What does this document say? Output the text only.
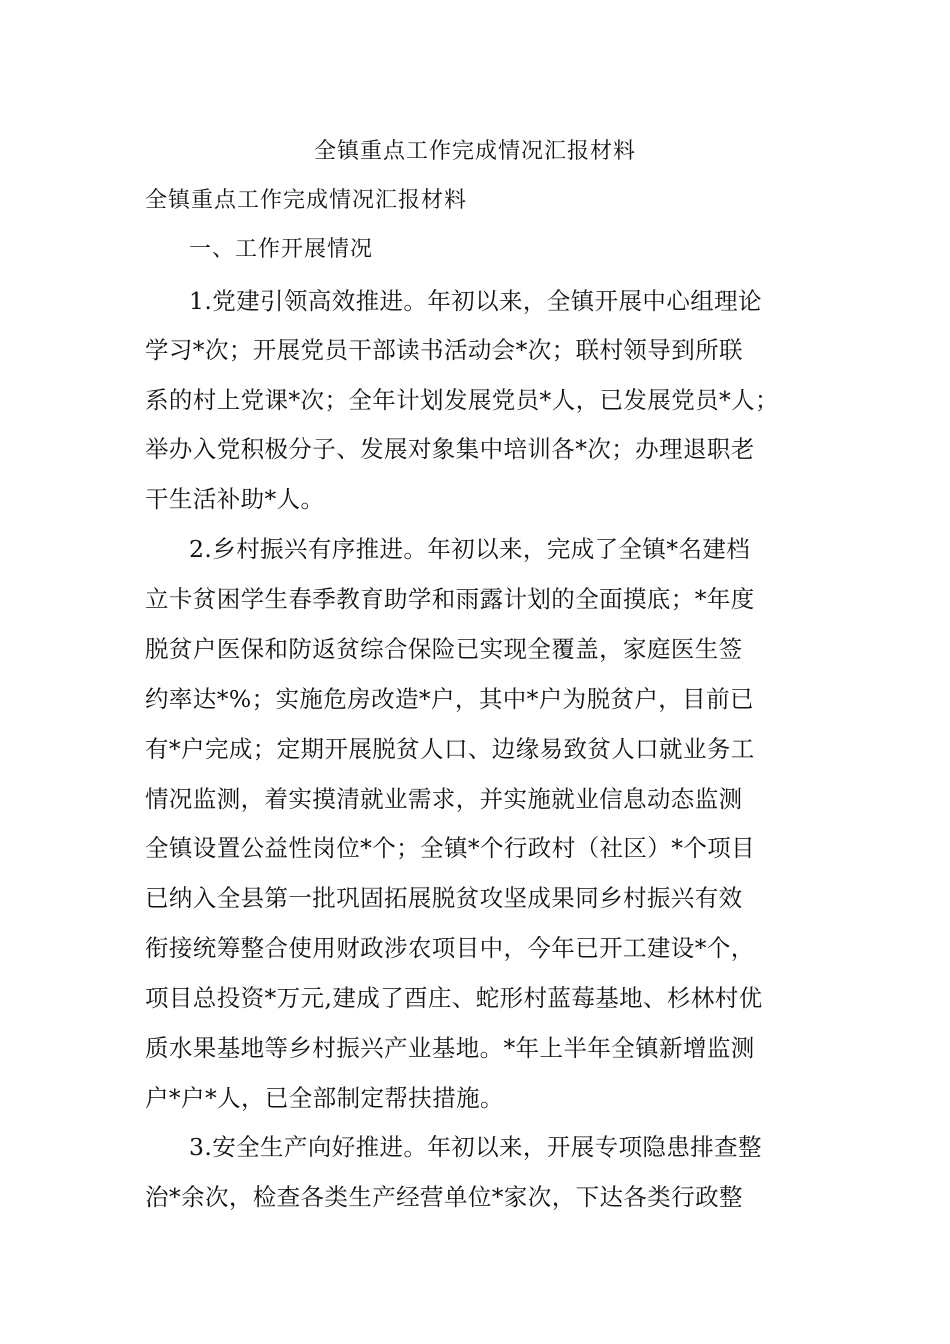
全镇重点工作完成情况汇报材料
全镇重点工作完成情况汇报材料
一、工作开展情况
1.党建引领高效推进。年初以来，全镇开展中心组理论
学习*次；开展党员干部读书活动会*次；联村领导到所联
系的村上党课*次；全年计划发展党员*人，已发展党员*人；
举办入党积极分子、发展对象集中培训各*次；办理退职老
干生活补助*人。
2.乡村振兴有序推进。年初以来，完成了全镇*名建档
立卡贫困学生春季教育助学和雨露计划的全面摸底；*年度
脱贫户医保和防返贫综合保险已实现全覆盖，家庭医生签
约率达*%；实施危房改造*户，其中*户为脱贫户，目前已
有*户完成；定期开展脱贫人口、边缘易致贫人口就业务工
情况监测，着实摸清就业需求，并实施就业信息动态监测
全镇设置公益性岗位*个；全镇*个行政村（社区）*个项目
已纳入全县第一批巩固拓展脱贫攻坚成果同乡村振兴有效
衔接统筹整合使用财政涉农项目中，今年已开工建设*个，
项目总投资*万元,建成了酉庄、蛇形村蓝莓基地、杉林村优
质水果基地等乡村振兴产业基地。*年上半年全镇新增监测
户*户*人，已全部制定帮扶措施。
3.安全生产向好推进。年初以来，开展专项隐患排查整
治*余次，检查各类生产经营单位*家次，下达各类行政整
